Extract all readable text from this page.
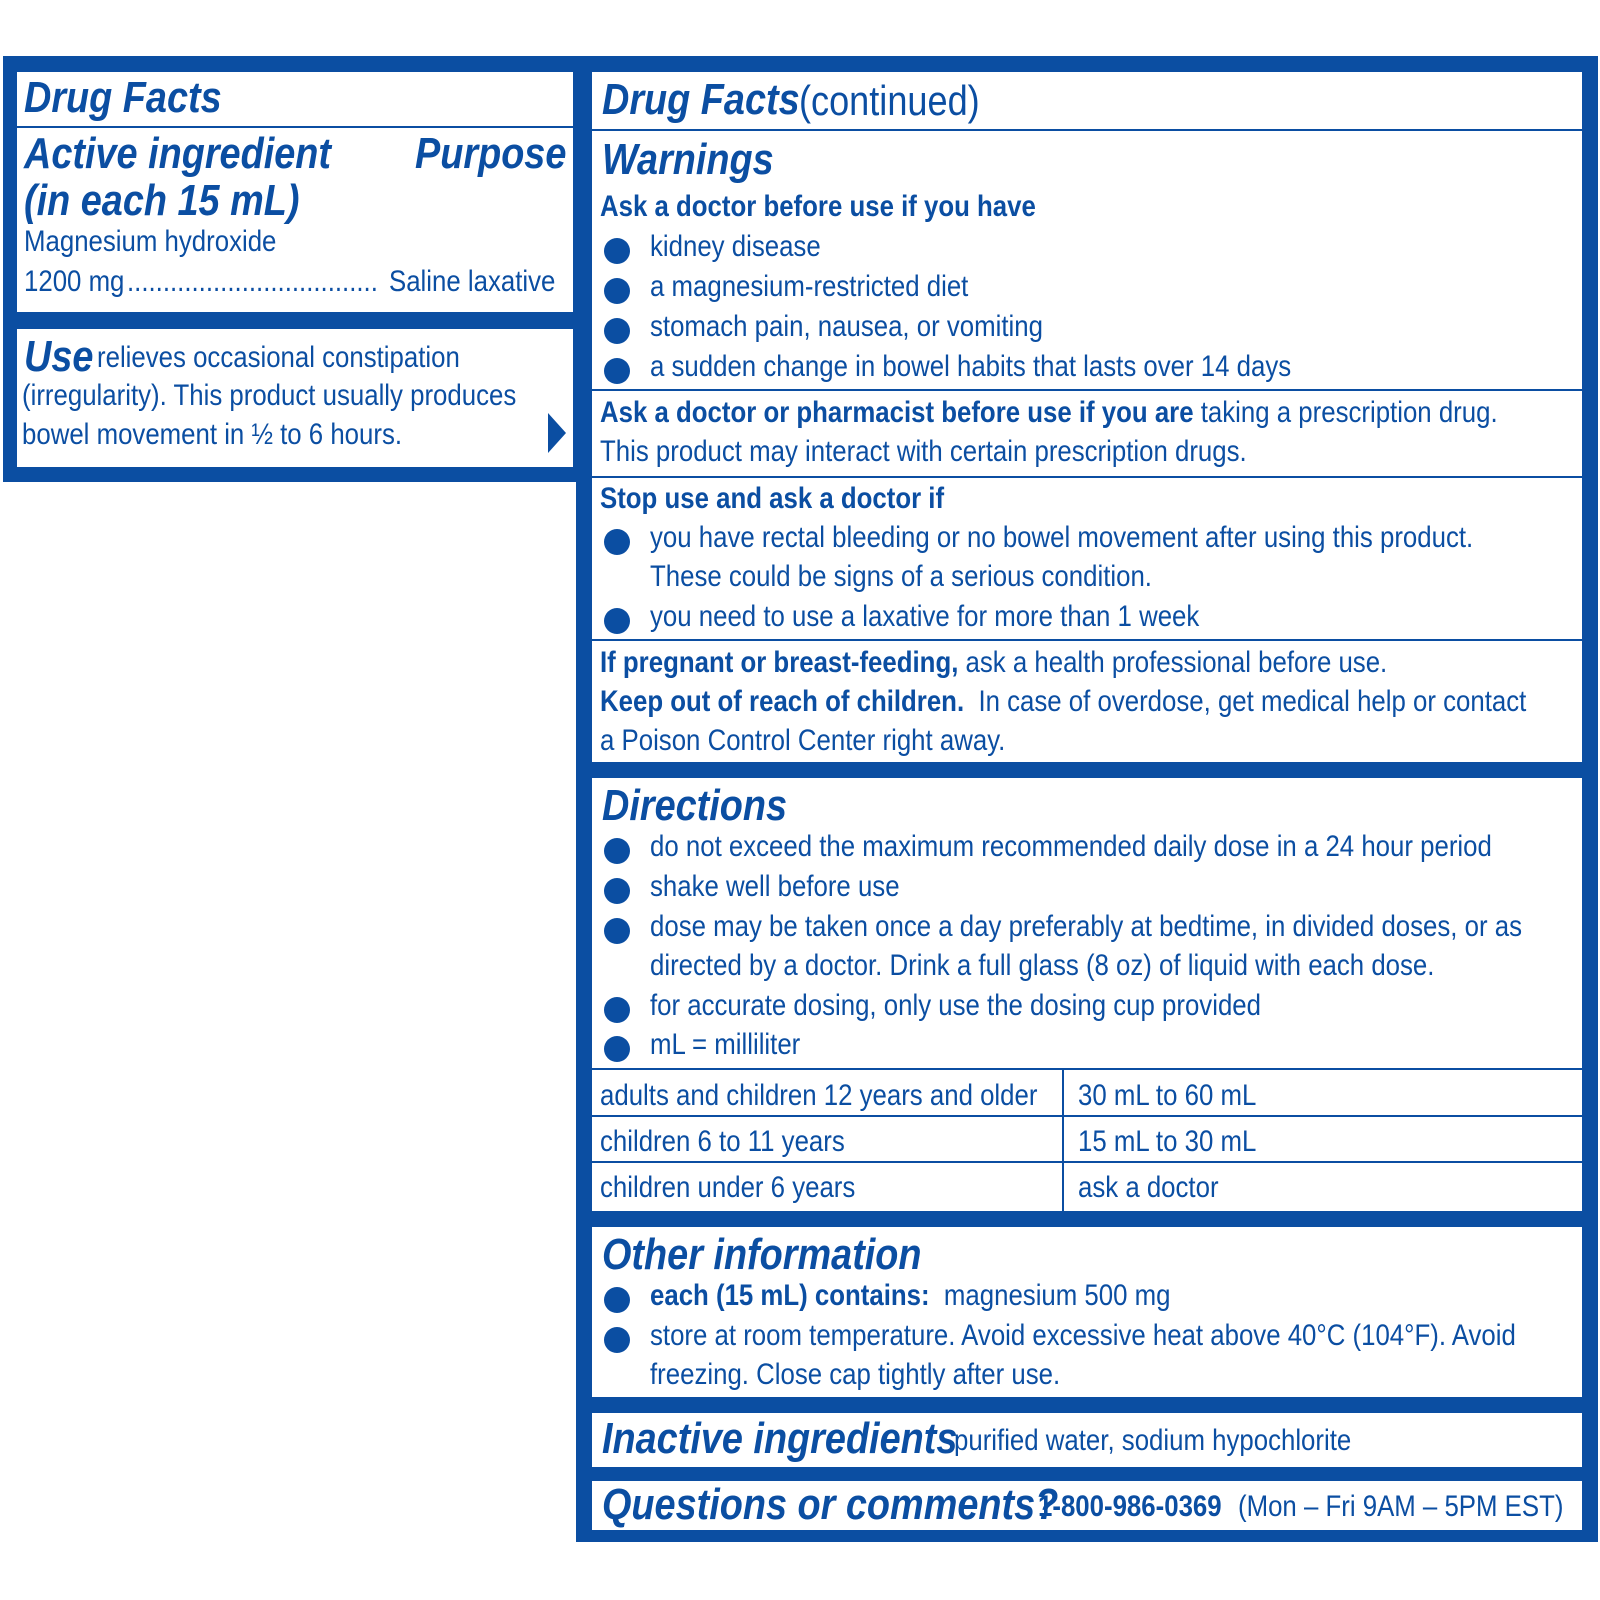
Drug Facts
Active ingredient
(in each 15 mL)
Purpose
Magnesium hydroxide
1200 mg ................................... Saline laxative
Use relieves occasional constipation
(irregularity). This product usually produces
bowel movement in ½ to 6 hours.
Drug Facts (continued)
Warnings
Ask a doctor before use if you have
kidney disease
a magnesium-restricted diet
stomach pain, nausea, or vomiting
a sudden change in bowel habits that lasts over 14 days
Ask a doctor or pharmacist before use if you are taking a prescription drug.
This product may interact with certain prescription drugs.
Stop use and ask a doctor if
you have rectal bleeding or no bowel movement after using this product.
These could be signs of a serious condition.
you need to use a laxative for more than 1 week
If pregnant or breast-feeding, ask a health professional before use.
Keep out of reach of children. In case of overdose, get medical help or contact
a Poison Control Center right away.
Directions
do not exceed the maximum recommended daily dose in a 24 hour period
shake well before use
dose may be taken once a day preferably at bedtime, in divided doses, or as
directed by a doctor. Drink a full glass (8 oz) of liquid with each dose.
for accurate dosing, only use the dosing cup provided
mL = milliliter
adults and children 12 years and older 30 mL to 60 mL
children 6 to 11 years	15 mL to 30 mL
children under 6 years	ask a doctor
Other information
each (15 mL) contains: magnesium 500 mg
store at room temperature. Avoid excessive heat above 40°C (104°F). Avoid
freezing. Close cap tightly after use.
Inactive ingredients
purified water, sodium hypochlorite
Questions or comments?
1-800-986-0369 (Mon – Fri 9AM – 5PM EST)
